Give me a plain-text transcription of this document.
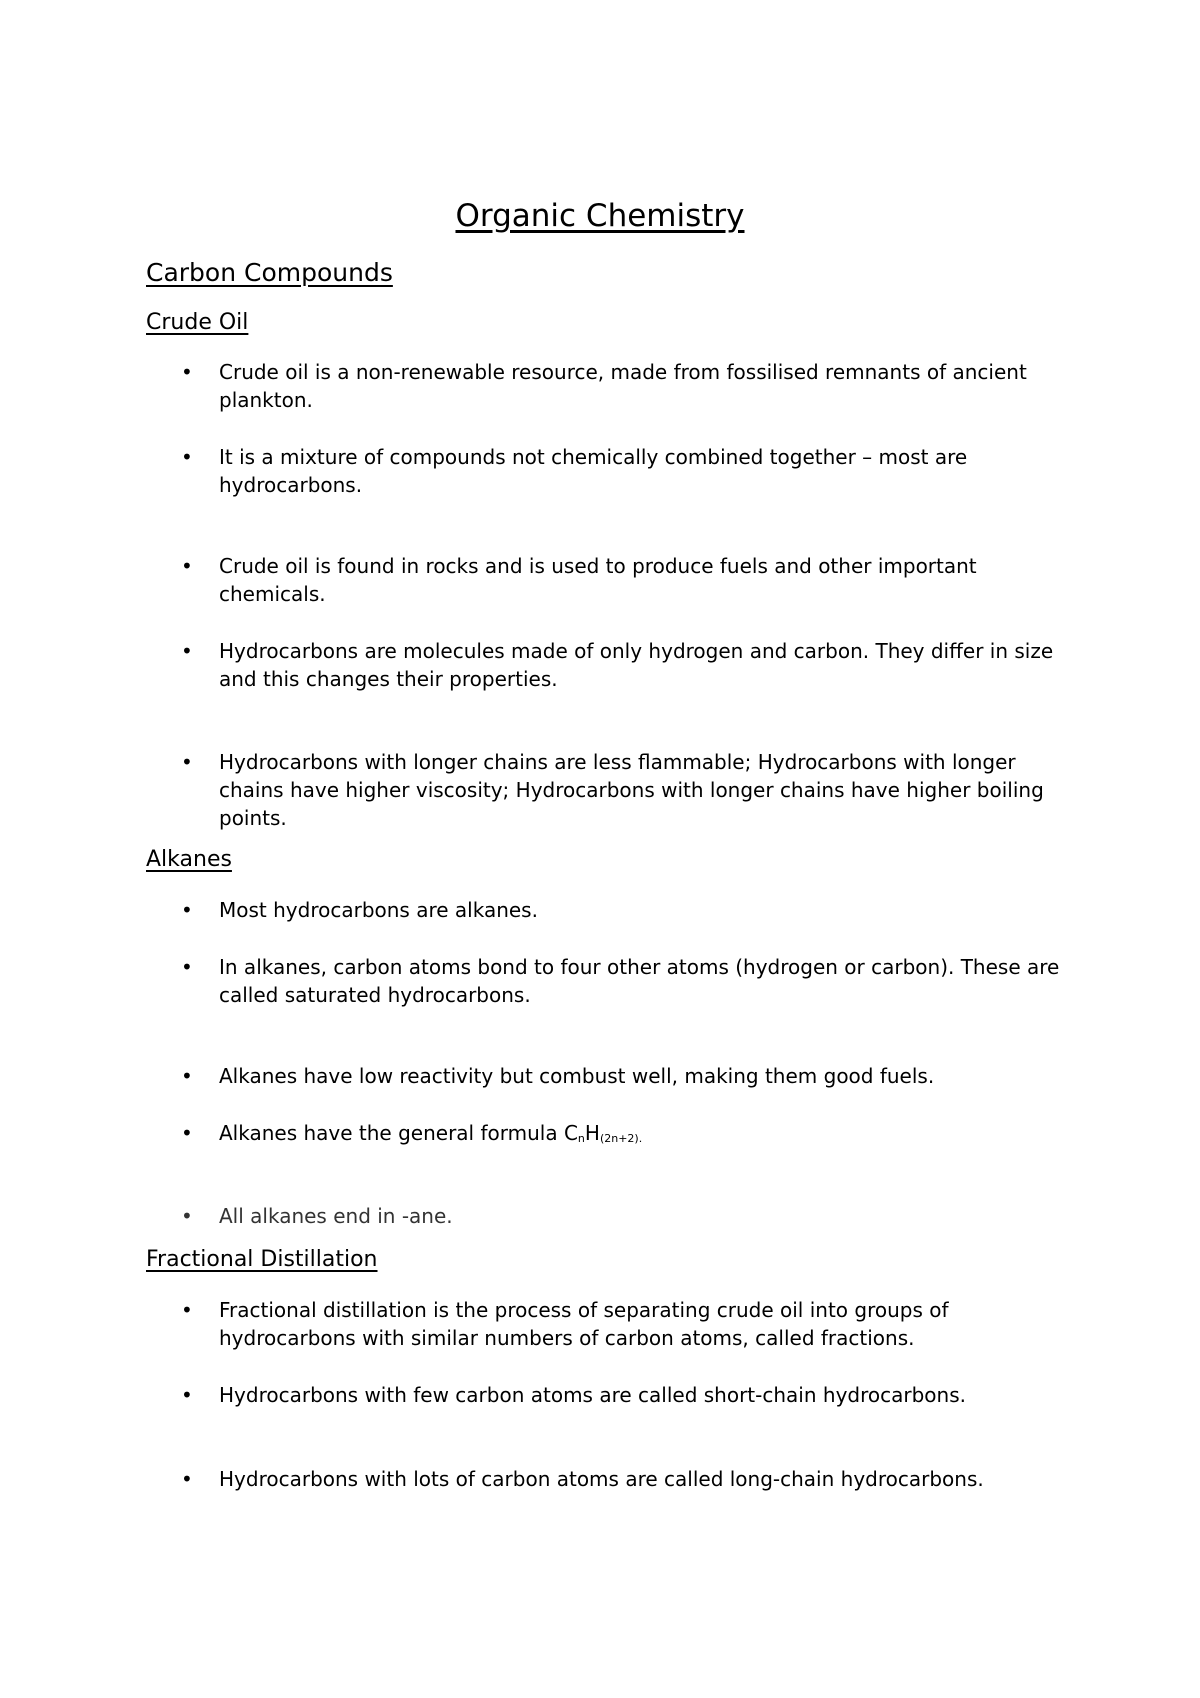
Organic Chemistry
Carbon Compounds
Crude Oil
• Crude oil is a non-renewable resource, made from fossilised remnants of ancient plankton.
• It is a mixture of compounds not chemically combined together – most are hydrocarbons.
• Crude oil is found in rocks and is used to produce fuels and other important chemicals.
• Hydrocarbons are molecules made of only hydrogen and carbon. They differ in size and this changes their properties.
• Hydrocarbons with longer chains are less flammable; Hydrocarbons with longer chains have higher viscosity; Hydrocarbons with longer chains have higher boiling points.
Alkanes
• Most hydrocarbons are alkanes.
• In alkanes, carbon atoms bond to four other atoms (hydrogen or carbon). These are called saturated hydrocarbons.
• Alkanes have low reactivity but combust well, making them good fuels.
• Alkanes have the general formula CnH(2n+2).
• All alkanes end in -ane.
Fractional Distillation
• Fractional distillation is the process of separating crude oil into groups of hydrocarbons with similar numbers of carbon atoms, called fractions.
• Hydrocarbons with few carbon atoms are called short-chain hydrocarbons.
• Hydrocarbons with lots of carbon atoms are called long-chain hydrocarbons.
